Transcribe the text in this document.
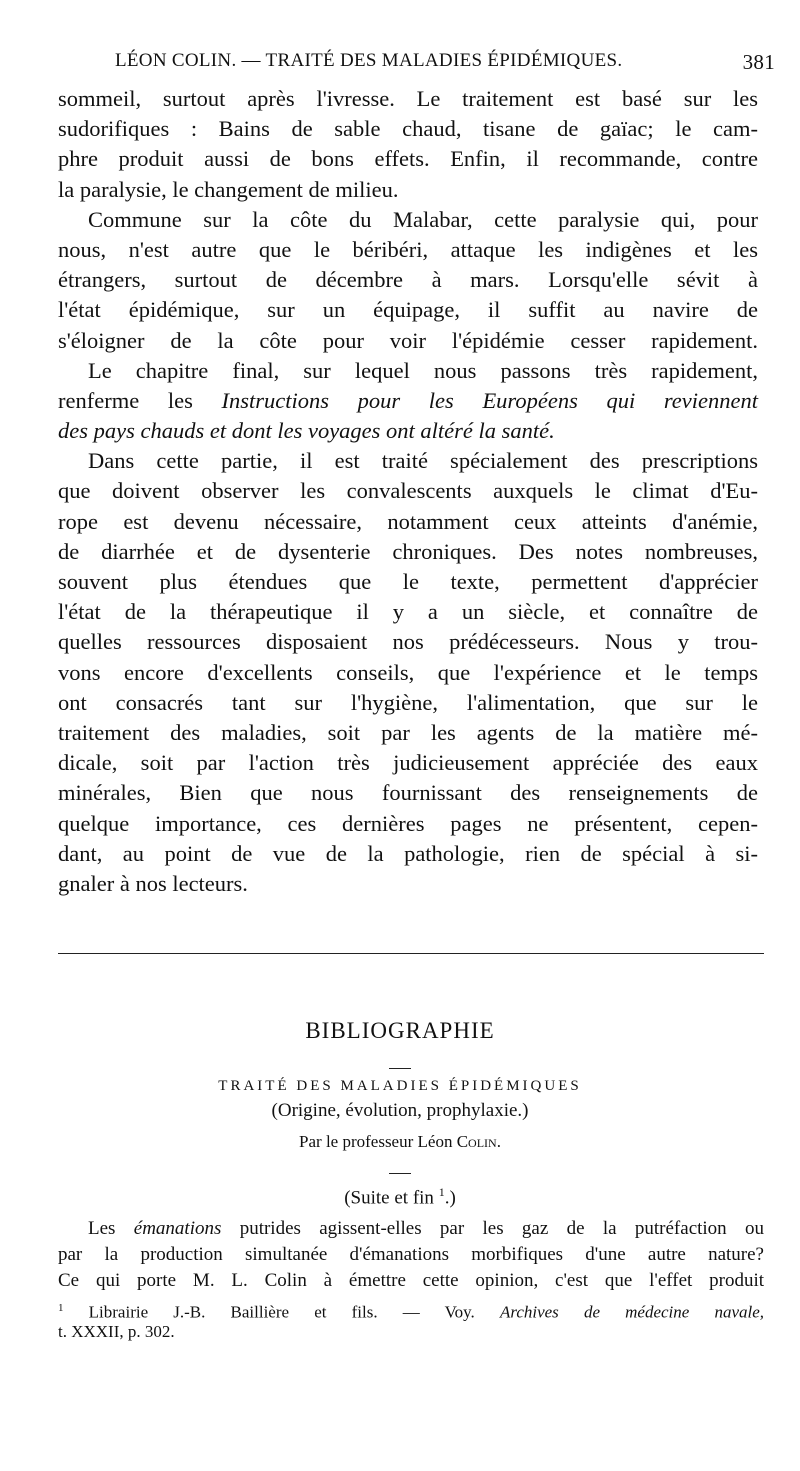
LÉON COLIN. — TRAITÉ DES MALADIES ÉPIDÉMIQUES.	381
sommeil, surtout après l'ivresse. Le traitement est basé sur les
sudorifiques : Bains de sable chaud, tisane de gaïac; le cam-
phre produit aussi de bons effets. Enfin, il recommande, contre
la paralysie, le changement de milieu.
Commune sur la côte du Malabar, cette paralysie qui, pour
nous, n'est autre que le béribéri, attaque les indigènes et les
étrangers, surtout de décembre à mars. Lorsqu'elle sévit à
l'état épidémique, sur un équipage, il suffit au navire de
s'éloigner de la côte pour voir l'épidémie cesser rapidement.
Le chapitre final, sur lequel nous passons très rapidement,
renferme les Instructions pour les Européens qui reviennent
des pays chauds et dont les voyages ont altéré la santé.
Dans cette partie, il est traité spécialement des prescriptions
que doivent observer les convalescents auxquels le climat d'Eu-
rope est devenu nécessaire, notamment ceux atteints d'anémie,
de diarrhée et de dysenterie chroniques. Des notes nombreuses,
souvent plus étendues que le texte, permettent d'apprécier
l'état de la thérapeutique il y a un siècle, et connaître de
quelles ressources disposaient nos prédécesseurs. Nous y trou-
vons encore d'excellents conseils, que l'expérience et le temps
ont consacrés tant sur l'hygiène, l'alimentation, que sur le
traitement des maladies, soit par les agents de la matière mé-
dicale, soit par l'action très judicieusement appréciée des eaux
minérales, Bien que nous fournissant des renseignements de
quelque importance, ces dernières pages ne présentent, cepen-
dant, au point de vue de la pathologie, rien de spécial à si-
gnaler à nos lecteurs.
BIBLIOGRAPHIE
TRAITÉ DES MALADIES ÉPIDÉMIQUES
(Origine, évolution, prophylaxie.)
Par le professeur Léon Colin.
(Suite et fin $^1$.)
Les émanations putrides agissent-elles par les gaz de la putréfaction ou
par la production simultanée d'émanations morbifiques d'une autre nature?
Ce qui porte M. L. Colin à émettre cette opinion, c'est que l'effet produit
$^1$ Librairie J.-B. Baillière et fils. — Voy. Archives de médecine navale,
t. XXXII, p. 302.
